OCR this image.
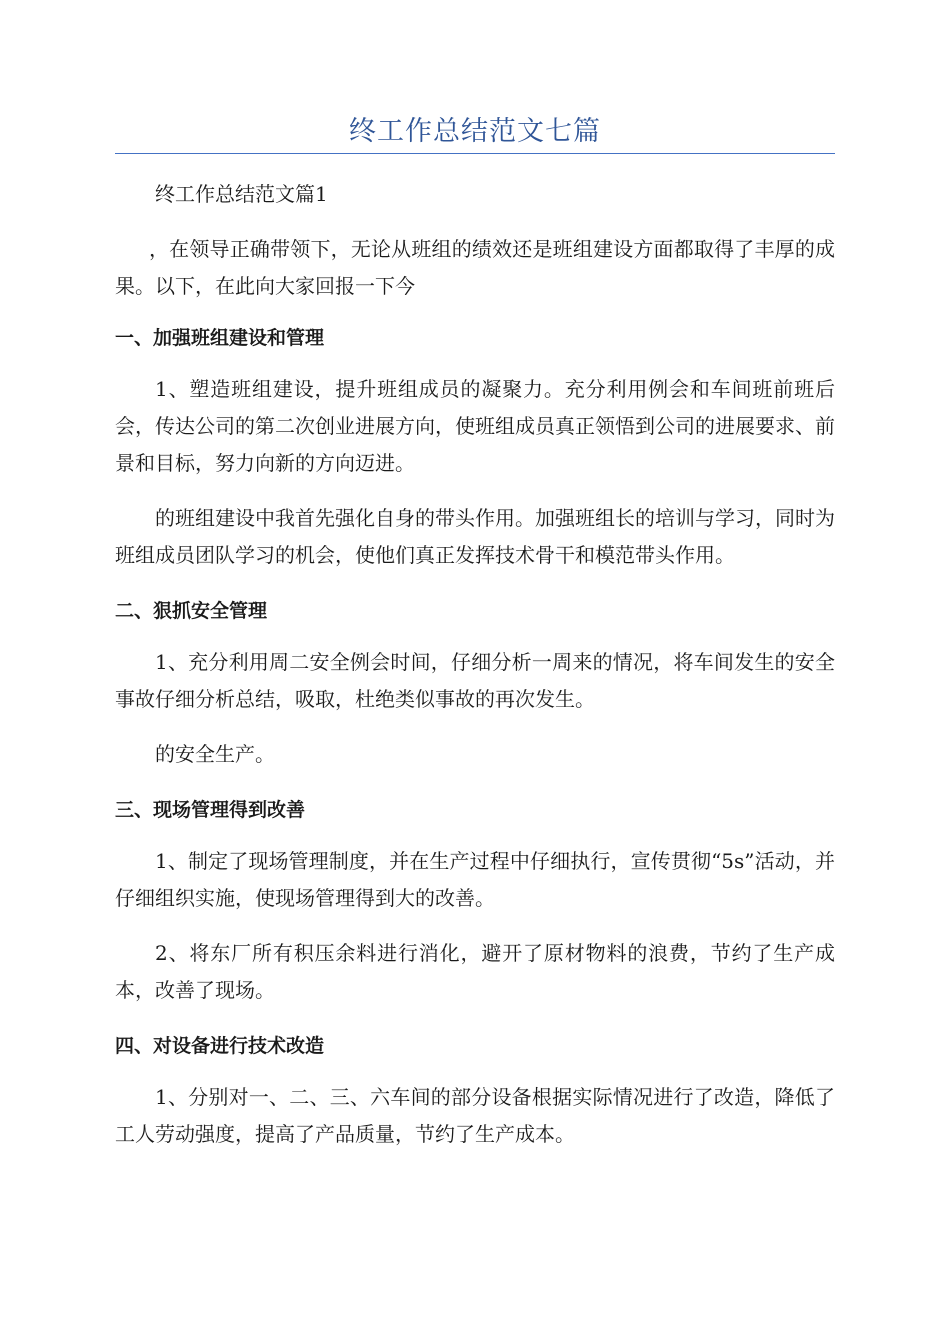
终工作总结范文七篇

终工作总结范文篇1

，在领导正确带领下，无论从班组的绩效还是班组建设方面都取得了丰厚的成果。以下，在此向大家回报一下今

一、加强班组建设和管理

1、塑造班组建设，提升班组成员的凝聚力。充分利用例会和车间班前班后会，传达公司的第二次创业进展方向，使班组成员真正领悟到公司的进展要求、前景和目标，努力向新的方向迈进。

的班组建设中我首先强化自身的带头作用。加强班组长的培训与学习，同时为班组成员团队学习的机会，使他们真正发挥技术骨干和模范带头作用。

二、狠抓安全管理

1、充分利用周二安全例会时间，仔细分析一周来的情况，将车间发生的安全事故仔细分析总结，吸取，杜绝类似事故的再次发生。

的安全生产。

三、现场管理得到改善

1、制定了现场管理制度，并在生产过程中仔细执行，宣传贯彻“5s”活动，并仔细组织实施，使现场管理得到大的改善。

2、将东厂所有积压余料进行消化，避开了原材物料的浪费，节约了生产成本，改善了现场。

四、对设备进行技术改造

1、分别对一、二、三、六车间的部分设备根据实际情况进行了改造，降低了工人劳动强度，提高了产品质量，节约了生产成本。
